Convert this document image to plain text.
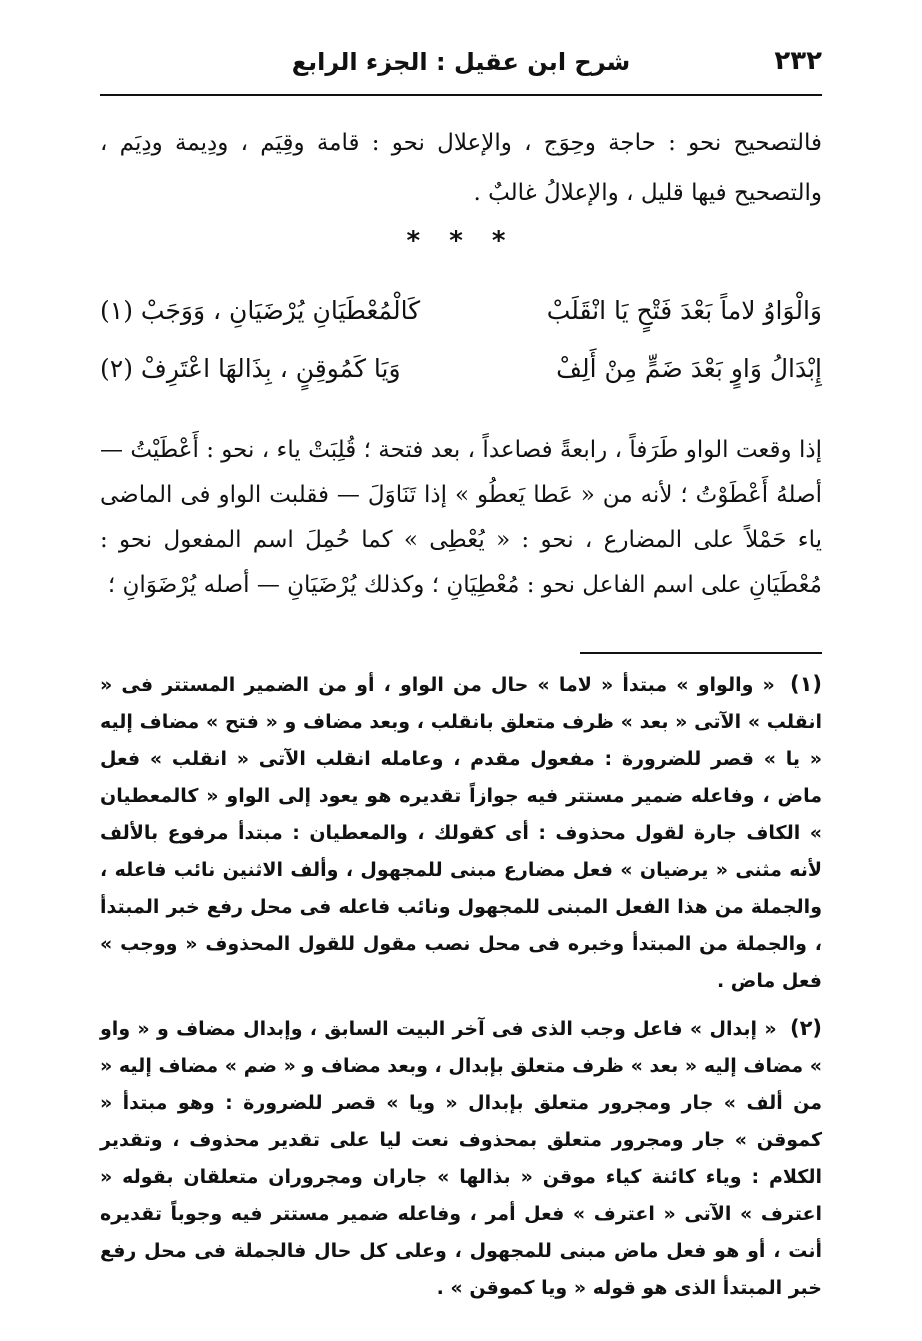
٢٣٢
شرح ابن عقيل : الجزء الرابع

فالتصحيح نحو : حاجة وحِوَج ، والإعلال نحو : قامة وقِيَم ، ودِيمة ودِيَم ، والتصحيح فيها قليل ، والإعلالُ غالبٌ .

* * *
وَالْوَاوُ لاماً بَعْدَ فَتْحٍ يَا انْقَلَبْ
كَالْمُعْطَيَانِ يُرْضَيَانِ ، وَوَجَبْ (١)
إِبْدَالُ وَاوٍ بَعْدَ ضَمٍّ مِنْ أَلِفْ
وَيَا كَمُوقِنٍ ، بِذَالهَا اعْتَرِفْ (٢)

إذا وقعت الواو طَرَفاً ، رابعةً فصاعداً ، بعد فتحة ؛ قُلِبَتْ ياء ، نحو : أَعْطَيْتُ — أصلهُ أَعْطَوْتُ ؛ لأنه من « عَطا يَعطُو » إذا تَنَاوَلَ — فقلبت الواو فى الماضى ياء حَمْلاً على المضارع ، نحو : « يُعْطِى » كما حُمِلَ اسم المفعول نحو : مُعْطَيَانِ على اسم الفاعل نحو : مُعْطِيَانِ ؛ وكذلك يُرْضَيَانِ — أصله يُرْضَوَانِ ؛

(١) « والواو » مبتدأ « لاما » حال من الواو ، أو من الضمير المستتر فى « انقلب » الآتى « بعد » ظرف متعلق بانقلب ، وبعد مضاف و « فتح » مضاف إليه « يا » قصر للضرورة : مفعول مقدم ، وعامله انقلب الآتى « انقلب » فعل ماض ، وفاعله ضمير مستتر فيه جوازاً تقديره هو يعود إلى الواو « كالمعطيان » الكاف جارة لقول محذوف : أى كقولك ، والمعطيان : مبتدأ مرفوع بالألف لأنه مثنى « يرضيان » فعل مضارع مبنى للمجهول ، وألف الاثنين نائب فاعله ، والجملة من هذا الفعل المبنى للمجهول ونائب فاعله فى محل رفع خبر المبتدأ ، والجملة من المبتدأ وخبره فى محل نصب مقول للقول المحذوف « ووجب » فعل ماض .

(٢) « إبدال » فاعل وجب الذى فى آخر البيت السابق ، وإبدال مضاف و « واو » مضاف إليه « بعد » ظرف متعلق بإبدال ، وبعد مضاف و « ضم » مضاف إليه « من ألف » جار ومجرور متعلق بإبدال « ويا » قصر للضرورة : وهو مبتدأ « كموقن » جار ومجرور متعلق بمحذوف نعت ليا على تقدير محذوف ، وتقدير الكلام : وياء كائنة كياء موقن « بذالها » جاران ومجروران متعلقان بقوله « اعترف » الآتى « اعترف » فعل أمر ، وفاعله ضمير مستتر فيه وجوباً تقديره أنت ، أو هو فعل ماض مبنى للمجهول ، وعلى كل حال فالجملة فى محل رفع خبر المبتدأ الذى هو قوله « ويا كموقن » .
